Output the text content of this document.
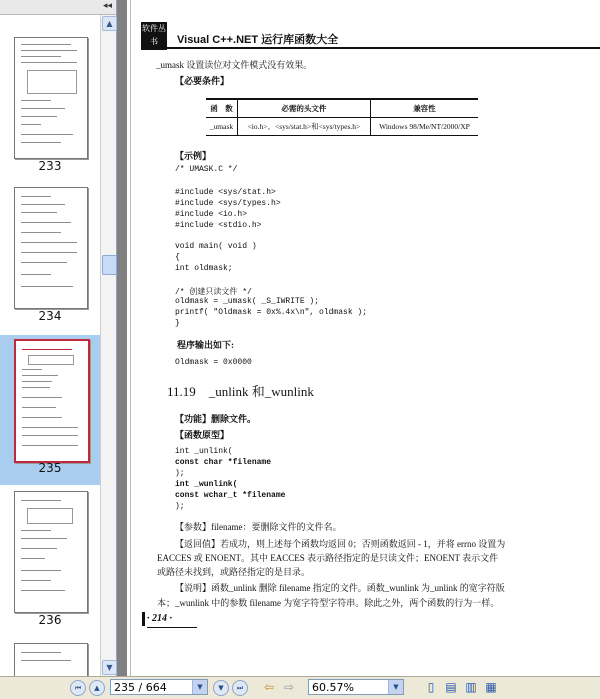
◂◂
233
234
235
236
▲
▼
软件丛书	Visual C++.NET 运行库函数大全
_umask 设置读位对文件模式没有效果。
【必要条件】
函　数	必需的头文件	兼容性
_umask	<io.h>、<sys/stat.h>和<sys/types.h>	Windows 98/Me/NT/2000/XP
【示例】
/* UMASK.C */
#include <sys/stat.h>
#include <sys/types.h>
#include <io.h>
#include <stdio.h>
void main( void )
{
int oldmask;
/* 创建只读文件 */
oldmask = _umask( _S_IWRITE );
printf( "Oldmask = 0x%.4x\n", oldmask );
}
程序输出如下:
Oldmask = 0x0000
11.19　_unlink 和_wunlink
【功能】删除文件。
【函数原型】
int _unlink(
const char *filename
);
int _wunlink(
const wchar_t *filename
);
【参数】filename：要删除文件的文件名。
【返回值】若成功，则上述每个函数均返回 0；否则函数返回 - 1，并将 errno 设置为
EACCES 或 ENOENT。其中 EACCES 表示路径指定的是只读文件；ENOENT 表示文件
或路径未找到，或路径指定的是目录。
【说明】函数_unlink 删除 filename 指定的文件。函数_wunlink 为_unlink 的宽字符版
本；_wunlink 中的参数 filename 为宽字符型字符串。除此之外，两个函数的行为一样。
· 214 ·
⏮	▲	235 / 664	▼	▼	⏭	⇦ ⇨	60.57%	▼	▯ ▤ ▥ ▦
